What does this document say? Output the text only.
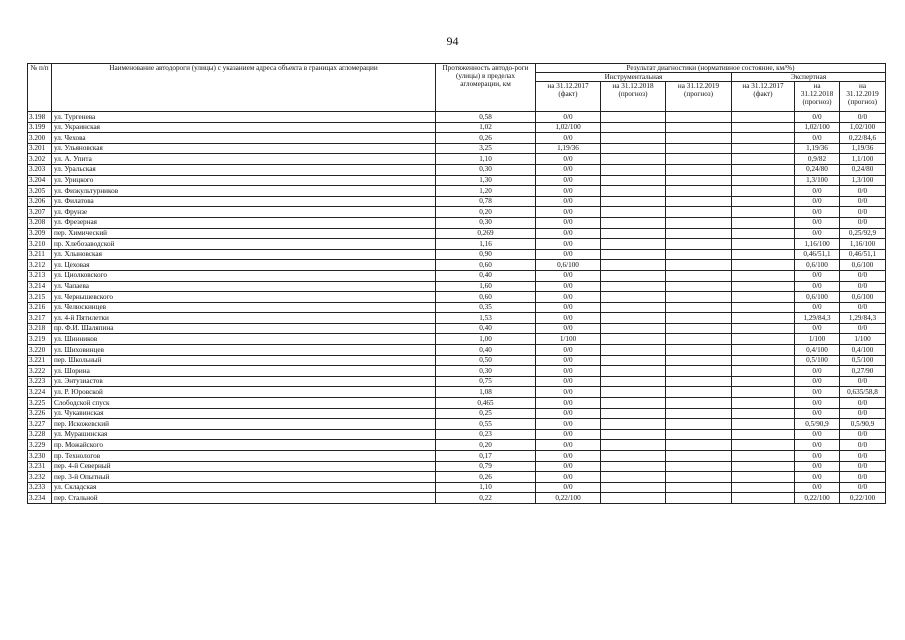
94
№ п/п	Наименование автодороги (улицы) с указанием адреса объекта в границах агломерации	Протяженность автодо-роги (улицы) в пределах агломерации, км	Результат диагностики (нормативное состояние, км/%)					
			Инструментальная			Экспертная		
			на 31.12.2017 (факт)	на 31.12.2018 (прогноз)	на 31.12.2019 (прогноз)	на 31.12.2017 (факт)	на 31.12.2018 (прогноз)	на 31.12.2019 (прогноз)
3.198	ул. Тургенева	0,58	0/0				0/0	0/0
3.199	ул. Украинская	1,02	1,02/100				1,02/100	1,02/100
3.200	ул. Чехова	0,26	0/0				0/0	0,22/84,6
3.201	ул. Ульяновская	3,25	1,19/36				1,19/36	1,19/36
3.202	ул. А. Упита	1,10	0/0				0,9/82	1,1/100
3.203	ул. Уральская	0,30	0/0				0,24/80	0,24/80
3.204	ул. Урицкого	1,30	0/0				1,3/100	1,3/100
3.205	ул. Физкультурников	1,20	0/0				0/0	0/0
3.206	ул. Филатова	0,78	0/0				0/0	0/0
3.207	ул. Фрунзе	0,20	0/0				0/0	0/0
3.208	ул. Фрезерная	0,30	0/0				0/0	0/0
3.209	пер. Химический	0,269	0/0				0/0	0,25/92,9
3.210	пр. Хлебозаводской	1,16	0/0				1,16/100	1,16/100
3.211	ул. Хлыновская	0,90	0/0				0,46/51,1	0,46/51,1
3.212	ул. Цеховая	0,60	0,6/100				0,6/100	0,6/100
3.213	ул. Циолковского	0,40	0/0				0/0	0/0
3.214	ул. Чапаева	1,60	0/0				0/0	0/0
3.215	ул. Чернышевского	0,60	0/0				0,6/100	0,6/100
3.216	ул. Челюскинцев	0,35	0/0				0/0	0/0
3.217	ул. 4-й Пятилетки	1,53	0/0				1,29/84,3	1,29/84,3
3.218	пр. Ф.И. Шаляпина	0,40	0/0				0/0	0/0
3.219	ул. Шинников	1,00	1/100				1/100	1/100
3.220	ул. Шиховинцев	0,40	0/0				0,4/100	0,4/100
3.221	пер. Школьный	0,50	0/0				0,5/100	0,5/100
3.222	ул. Шорина	0,30	0/0				0/0	0,27/90
3.223	ул. Энтузиастов	0,75	0/0				0/0	0/0
3.224	ул. Р. Юровской	1,08	0/0				0/0	0,635/58,8
3.225	Слободской спуск	0,465	0/0				0/0	0/0
3.226	ул. Чукавинская	0,25	0/0				0/0	0/0
3.227	пер. Искожевский	0,55	0/0				0,5/90,9	0,5/90,9
3.228	ул. Мурашинская	0,23	0/0				0/0	0/0
3.229	пр. Можайского	0,20	0/0				0/0	0/0
3.230	пр. Технологов	0,17	0/0				0/0	0/0
3.231	пер. 4-й Северный	0,79	0/0				0/0	0/0
3.232	пер. 3-й Опытный	0,26	0/0				0/0	0/0
3.233	ул. Складская	1,10	0/0				0/0	0/0
3.234	пер. Стальной	0,22	0,22/100				0,22/100	0,22/100
